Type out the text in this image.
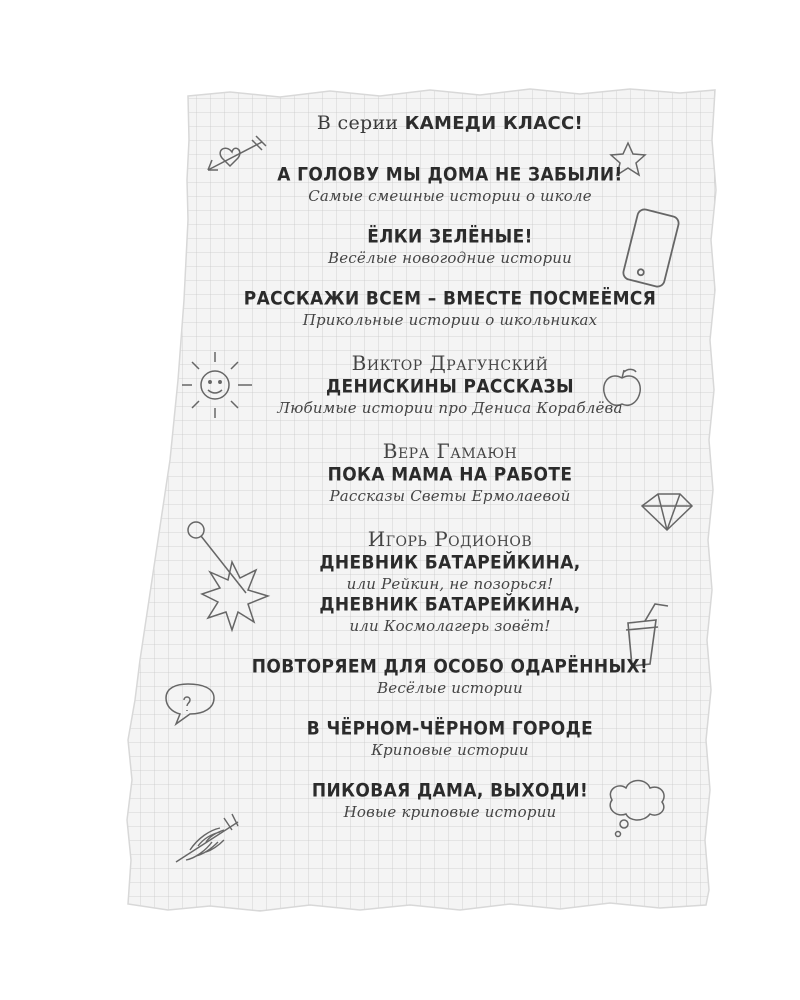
В серии КАМЕДИ КЛАСС!
А ГОЛОВУ МЫ ДОМА НЕ ЗАБЫЛИ!
Самые смешные истории о школе
ЁЛКИ ЗЕЛЁНЫЕ!
Весёлые новогодние истории
РАССКАЖИ ВСЕМ – ВМЕСТЕ ПОСМЕЁМСЯ
Прикольные истории о школьниках
Виктор Драгунский
ДЕНИСКИНЫ РАССКАЗЫ
Любимые истории про Дениса Кораблёва
Вера Гамаюн
ПОКА МАМА НА РАБОТЕ
Рассказы Светы Ермолаевой
Игорь Родионов
ДНЕВНИК БАТАРЕЙКИНА,
или Рейкин, не позорься!
ДНЕВНИК БАТАРЕЙКИНА,
или Космолагерь зовёт!
ПОВТОРЯЕМ ДЛЯ ОСОБО ОДАРЁННЫХ!
Весёлые истории
В ЧЁРНОМ-ЧЁРНОМ ГОРОДЕ
Криповые истории
ПИКОВАЯ ДАМА, ВЫХОДИ!
Новые криповые истории
